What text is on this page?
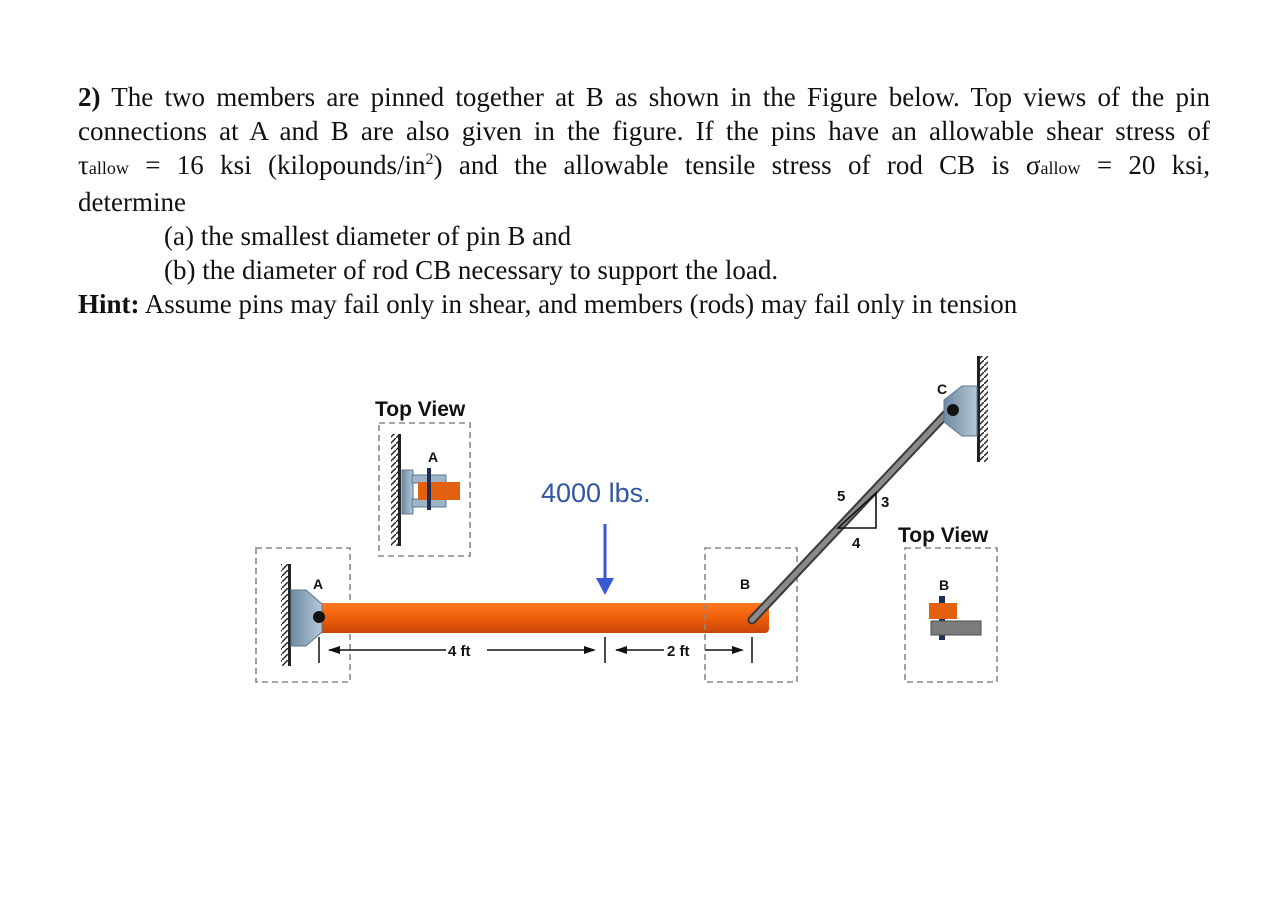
2) The two members are pinned together at B as shown in the Figure below. Top views of the pin

connections at A and B are also given in the figure. If the pins have an allowable shear stress of

τallow = 16 ksi $(kilopounds/in^2)$ and the allowable tensile stress of rod CB is σallow = 20 ksi,

determine

(a) the smallest diameter of pin B and

(b) the diameter of rod CB necessary to support the load.

Hint: Assume pins may fail only in shear, and members (rods) may fail only in tension

Top View
A
A	B
5 3
4
C
4000 lbs.
4 ft	2 ft
Top View
B
